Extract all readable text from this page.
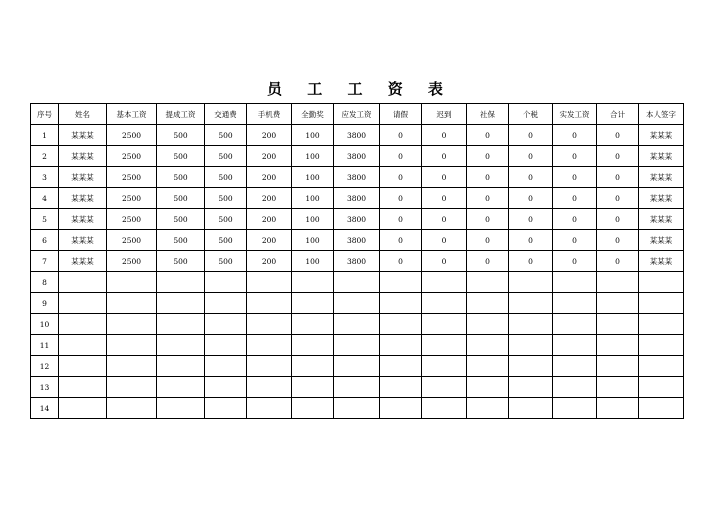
员 工 工 资 表
序号	姓名	基本工资	提成工资	交通费	手机费	全勤奖	应发工资	请假	迟到	社保	个税	实发工资	合计	本人签字
1	某某某	2500	500	500	200	100	3800	0	0	0	0	0	0	某某某
2	某某某	2500	500	500	200	100	3800	0	0	0	0	0	0	某某某
3	某某某	2500	500	500	200	100	3800	0	0	0	0	0	0	某某某
4	某某某	2500	500	500	200	100	3800	0	0	0	0	0	0	某某某
5	某某某	2500	500	500	200	100	3800	0	0	0	0	0	0	某某某
6	某某某	2500	500	500	200	100	3800	0	0	0	0	0	0	某某某
7	某某某	2500	500	500	200	100	3800	0	0	0	0	0	0	某某某
8														
9														
10														
11														
12														
13														
14														
